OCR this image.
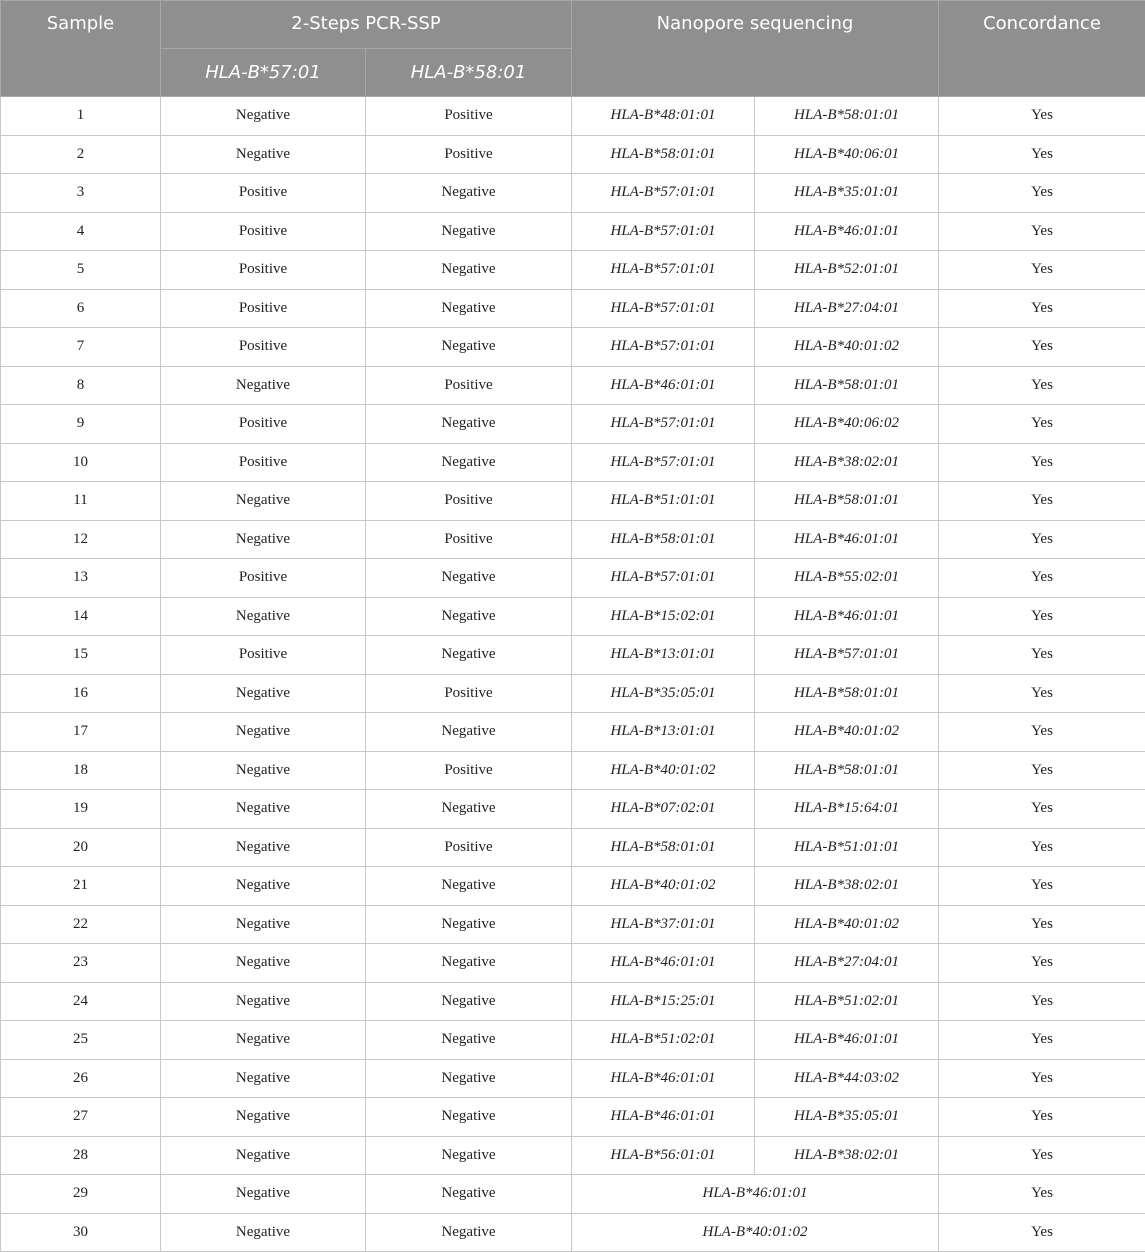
Sample	2-Steps PCR-SSP		Nanopore sequencing		Concordance
	HLA-B*57:01	HLA-B*58:01			
1	Negative	Positive	HLA-B*48:01:01	HLA-B*58:01:01	Yes
2	Negative	Positive	HLA-B*58:01:01	HLA-B*40:06:01	Yes
3	Positive	Negative	HLA-B*57:01:01	HLA-B*35:01:01	Yes
4	Positive	Negative	HLA-B*57:01:01	HLA-B*46:01:01	Yes
5	Positive	Negative	HLA-B*57:01:01	HLA-B*52:01:01	Yes
6	Positive	Negative	HLA-B*57:01:01	HLA-B*27:04:01	Yes
7	Positive	Negative	HLA-B*57:01:01	HLA-B*40:01:02	Yes
8	Negative	Positive	HLA-B*46:01:01	HLA-B*58:01:01	Yes
9	Positive	Negative	HLA-B*57:01:01	HLA-B*40:06:02	Yes
10	Positive	Negative	HLA-B*57:01:01	HLA-B*38:02:01	Yes
11	Negative	Positive	HLA-B*51:01:01	HLA-B*58:01:01	Yes
12	Negative	Positive	HLA-B*58:01:01	HLA-B*46:01:01	Yes
13	Positive	Negative	HLA-B*57:01:01	HLA-B*55:02:01	Yes
14	Negative	Negative	HLA-B*15:02:01	HLA-B*46:01:01	Yes
15	Positive	Negative	HLA-B*13:01:01	HLA-B*57:01:01	Yes
16	Negative	Positive	HLA-B*35:05:01	HLA-B*58:01:01	Yes
17	Negative	Negative	HLA-B*13:01:01	HLA-B*40:01:02	Yes
18	Negative	Positive	HLA-B*40:01:02	HLA-B*58:01:01	Yes
19	Negative	Negative	HLA-B*07:02:01	HLA-B*15:64:01	Yes
20	Negative	Positive	HLA-B*58:01:01	HLA-B*51:01:01	Yes
21	Negative	Negative	HLA-B*40:01:02	HLA-B*38:02:01	Yes
22	Negative	Negative	HLA-B*37:01:01	HLA-B*40:01:02	Yes
23	Negative	Negative	HLA-B*46:01:01	HLA-B*27:04:01	Yes
24	Negative	Negative	HLA-B*15:25:01	HLA-B*51:02:01	Yes
25	Negative	Negative	HLA-B*51:02:01	HLA-B*46:01:01	Yes
26	Negative	Negative	HLA-B*46:01:01	HLA-B*44:03:02	Yes
27	Negative	Negative	HLA-B*46:01:01	HLA-B*35:05:01	Yes
28	Negative	Negative	HLA-B*56:01:01	HLA-B*38:02:01	Yes
29	Negative	Negative	HLA-B*46:01:01		Yes
30	Negative	Negative	HLA-B*40:01:02		Yes
